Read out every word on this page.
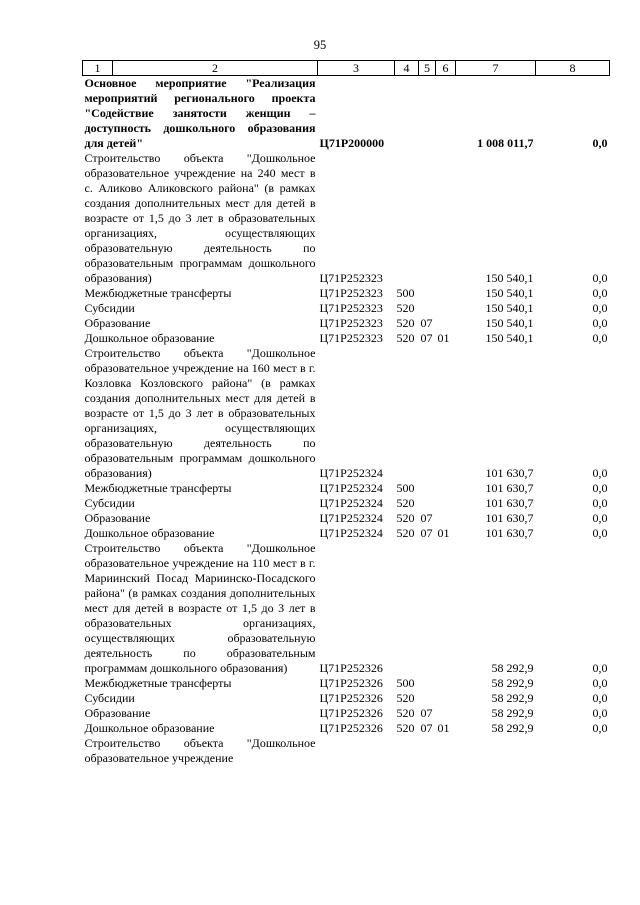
95
1	2	3	4	5	6	7	8
Основное мероприятие "Реализация мероприятий регионального проекта "Содействие занятости женщин – доступность дошкольного образования для детей"		Ц71P200000				1 008 011,7	0,0
Строительство объекта "Дошкольное образовательное учреждение на 240 мест в с. Аликово Аликовского района" (в рамках создания дополнительных мест для детей в возрасте от 1,5 до 3 лет в образовательных организациях, осуществляющих образовательную деятельность по образовательным программам дошкольного образования)		Ц71P252323				150 540,1	0,0
Межбюджетные трансферты		Ц71P252323	500			150 540,1	0,0
Субсидии		Ц71P252323	520			150 540,1	0,0
Образование		Ц71P252323	520	07		150 540,1	0,0
Дошкольное образование		Ц71P252323	520	07	01	150 540,1	0,0
Строительство объекта "Дошкольное образовательное учреждение на 160 мест в г. Козловка Козловского района" (в рамках создания дополнительных мест для детей в возрасте от 1,5 до 3 лет в образовательных организациях, осуществляющих образовательную деятельность по образовательным программам дошкольного образования)		Ц71P252324				101 630,7	0,0
Межбюджетные трансферты		Ц71P252324	500			101 630,7	0,0
Субсидии		Ц71P252324	520			101 630,7	0,0
Образование		Ц71P252324	520	07		101 630,7	0,0
Дошкольное образование		Ц71P252324	520	07	01	101 630,7	0,0
Строительство объекта "Дошкольное образовательное учреждение на 110 мест в г. Мариинский Посад Мариинско-Посадского района" (в рамках создания дополнительных мест для детей в возрасте от 1,5 до 3 лет в образовательных организациях, осуществляющих образовательную деятельность по образовательным программам дошкольного образования)		Ц71P252326				58 292,9	0,0
Межбюджетные трансферты		Ц71P252326	500			58 292,9	0,0
Субсидии		Ц71P252326	520			58 292,9	0,0
Образование		Ц71P252326	520	07		58 292,9	0,0
Дошкольное образование		Ц71P252326	520	07	01	58 292,9	0,0
Строительство объекта "Дошкольное образовательное учреждение							
